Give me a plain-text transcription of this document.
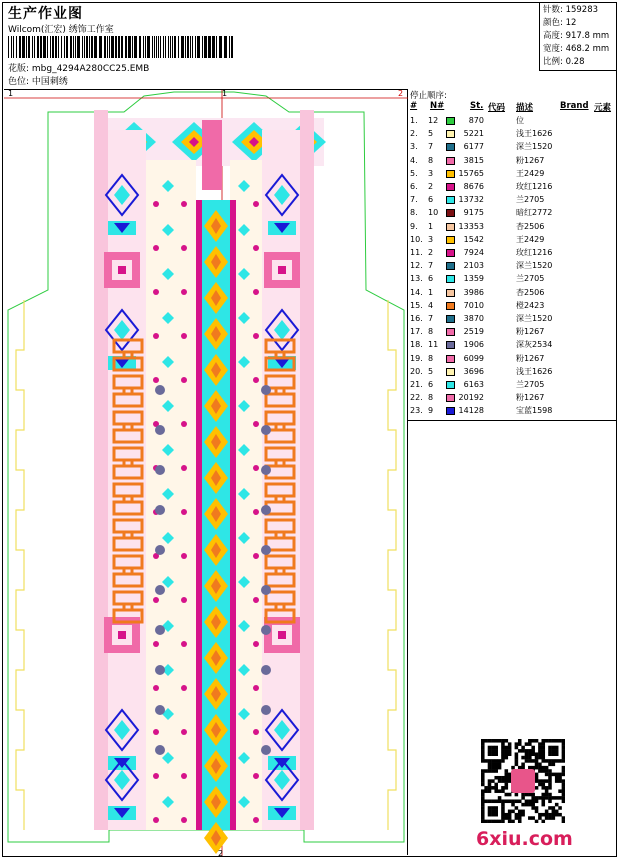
生产作业图
Wilcom(汇宏) 绣饰工作室
花版: mbg_4294A280CC25.EMB
色位: 中国刺绣
针数: 159283
颜色: 12
高度: 917.8 mm
宽度: 468.2 mm
比例: 0.28
1	1	2
2
停止顺序:
# N#	St. 代码 描述	Brand 元素
1. 12	870	位
2. 5	5221	浅王1626
3. 7	6177	深兰1520
4. 8	3815	粉1267
5. 3	15765	王2429
6. 2	8676	玫红1216
7. 6	13732	兰2705
8. 10	9175	暗红2772
9. 1	13353	杏2506
10. 3	1542	王2429
11. 2	7924	玫红1216
12. 7	2103	深兰1520
13. 6	1359	兰2705
14. 1	3986	杏2506
15. 4	7010	橙2423
16. 7	3870	深兰1520
17. 8	2519	粉1267
18. 11	1906	深灰2534
19. 8	6099	粉1267
20. 5	3696	浅王1626
21. 6	6163	兰2705
22. 8	20192	粉1267
23. 9	14128	宝蓝1598
6xiu.com
